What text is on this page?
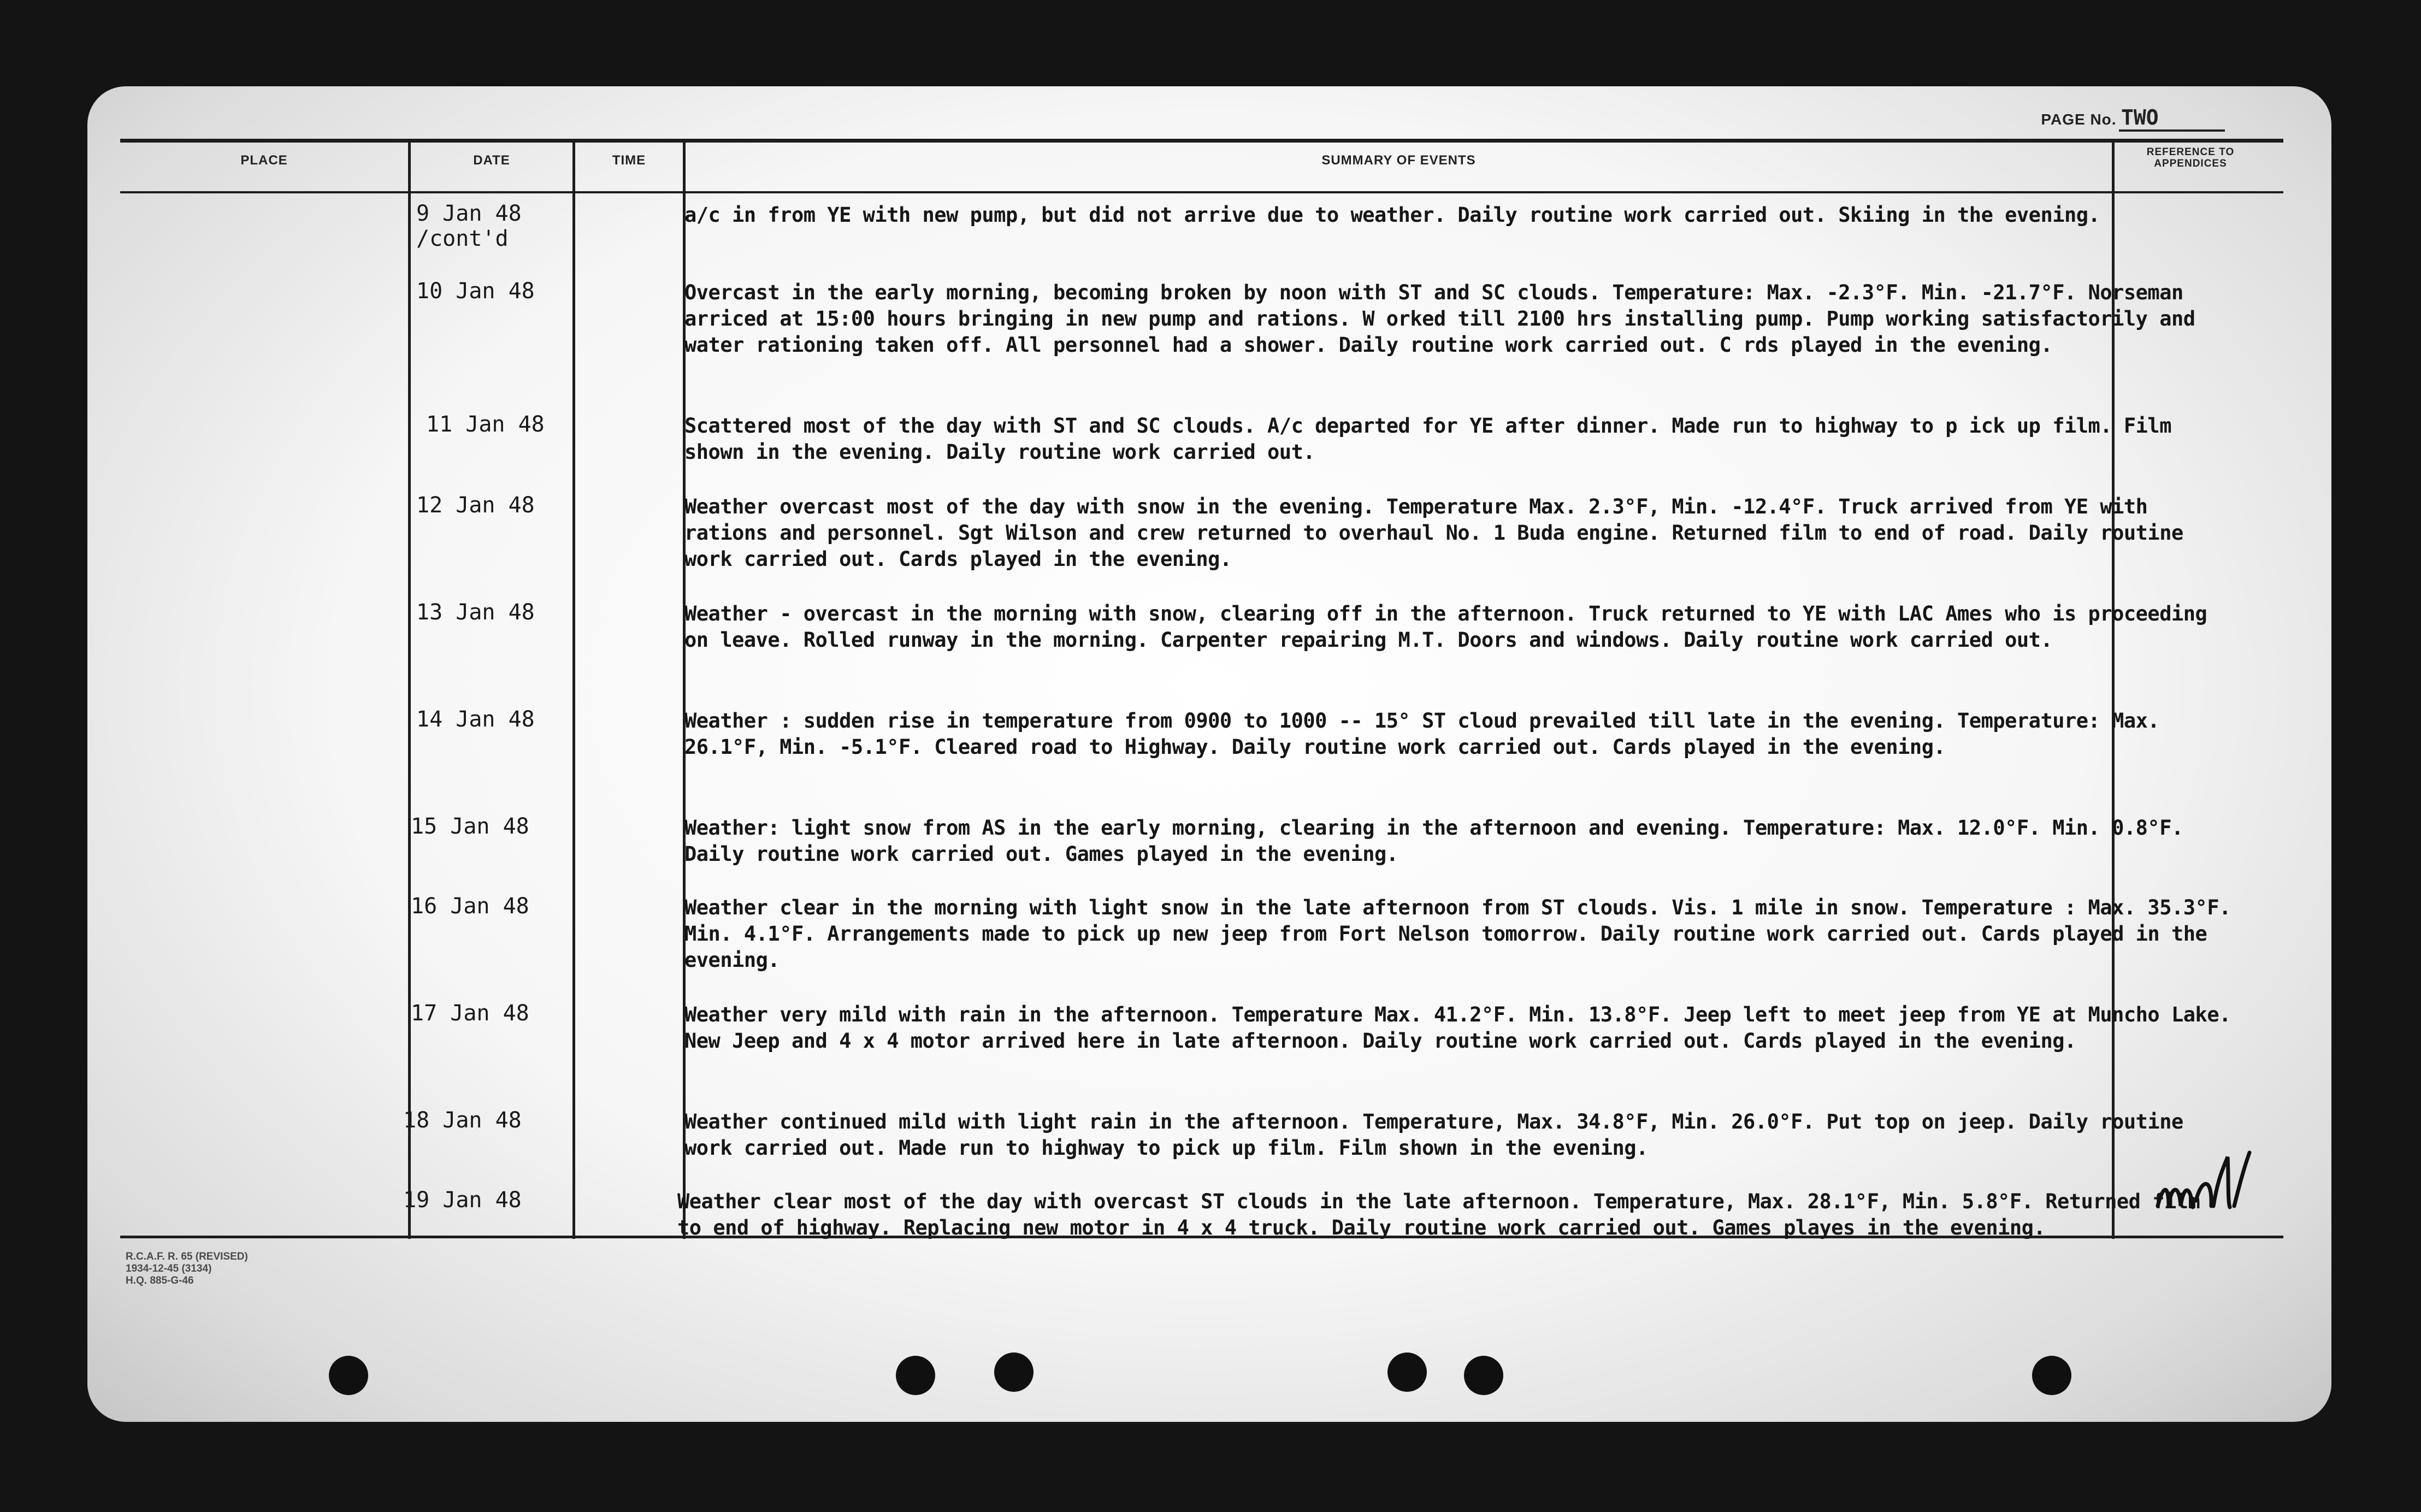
PAGE No. TWO
PLACE	DATE	TIME	SUMMARY OF EVENTS
REFERENCE TO APPENDICES
9 Jan 48
/cont'd
a/c in from YE with new pump, but did not arrive due to weather. Daily routine work carried out. Skiing in the evening.
10 Jan 48	Overcast in the early morning, becoming broken by noon with ST and SC clouds. Temperature: Max. -2.3°F. Min. -21.7°F. Norseman arriced at 15:00 hours bringing in new pump and rations. W orked till 2100 hrs installing pump. Pump working satisfactorily and water rationing taken off. All personnel had a shower. Daily routine work carried out. C rds played in the evening.
11 Jan 48	Scattered most of the day with ST and SC clouds. A/c departed for YE after dinner. Made run to highway to p ick up film. Film shown in the evening. Daily routine work carried out.
12 Jan 48	Weather overcast most of the day with snow in the evening. Temperature Max. 2.3°F, Min. -12.4°F. Truck arrived from YE with rations and personnel. Sgt Wilson and crew returned to overhaul No. 1 Buda engine. Returned film to end of road. Daily routine work carried out. Cards played in the evening.
13 Jan 48	Weather - overcast in the morning with snow, clearing off in the afternoon. Truck returned to YE with LAC Ames who is proceeding on leave. Rolled runway in the morning. Carpenter repairing M.T. Doors and windows. Daily routine work carried out.
14 Jan 48	Weather : sudden rise in temperature from 0900 to 1000 -- 15° ST cloud prevailed till late in the evening. Temperature: Max. 26.1°F, Min. -5.1°F. Cleared road to Highway. Daily routine work carried out. Cards played in the evening.
15 Jan 48	Weather: light snow from AS in the early morning, clearing in the afternoon and evening. Temperature: Max. 12.0°F. Min. 0.8°F. Daily routine work carried out. Games played in the evening.
16 Jan 48	Weather clear in the morning with light snow in the late afternoon from ST clouds. Vis. 1 mile in snow. Temperature : Max. 35.3°F. Min. 4.1°F. Arrangements made to pick up new jeep from Fort Nelson tomorrow. Daily routine work carried out. Cards played in the evening.
17 Jan 48	Weather very mild with rain in the afternoon. Temperature Max. 41.2°F. Min. 13.8°F. Jeep left to meet jeep from YE at Muncho Lake. New Jeep and 4 x 4 motor arrived here in late afternoon. Daily routine work carried out. Cards played in the evening.
18 Jan 48	Weather continued mild with light rain in the afternoon. Temperature, Max. 34.8°F, Min. 26.0°F. Put top on jeep. Daily routine work carried out. Made run to highway to pick up film. Film shown in the evening.
19 Jan 48	Weather clear most of the day with overcast ST clouds in the late afternoon. Temperature, Max. 28.1°F, Min. 5.8°F. Returned film to end of highway. Replacing new motor in 4 x 4 truck. Daily routine work carried out. Games playes in the evening.
R.C.A.F. R. 65 (REVISED)
1934-12-45 (3134)
H.Q. 885-G-46
